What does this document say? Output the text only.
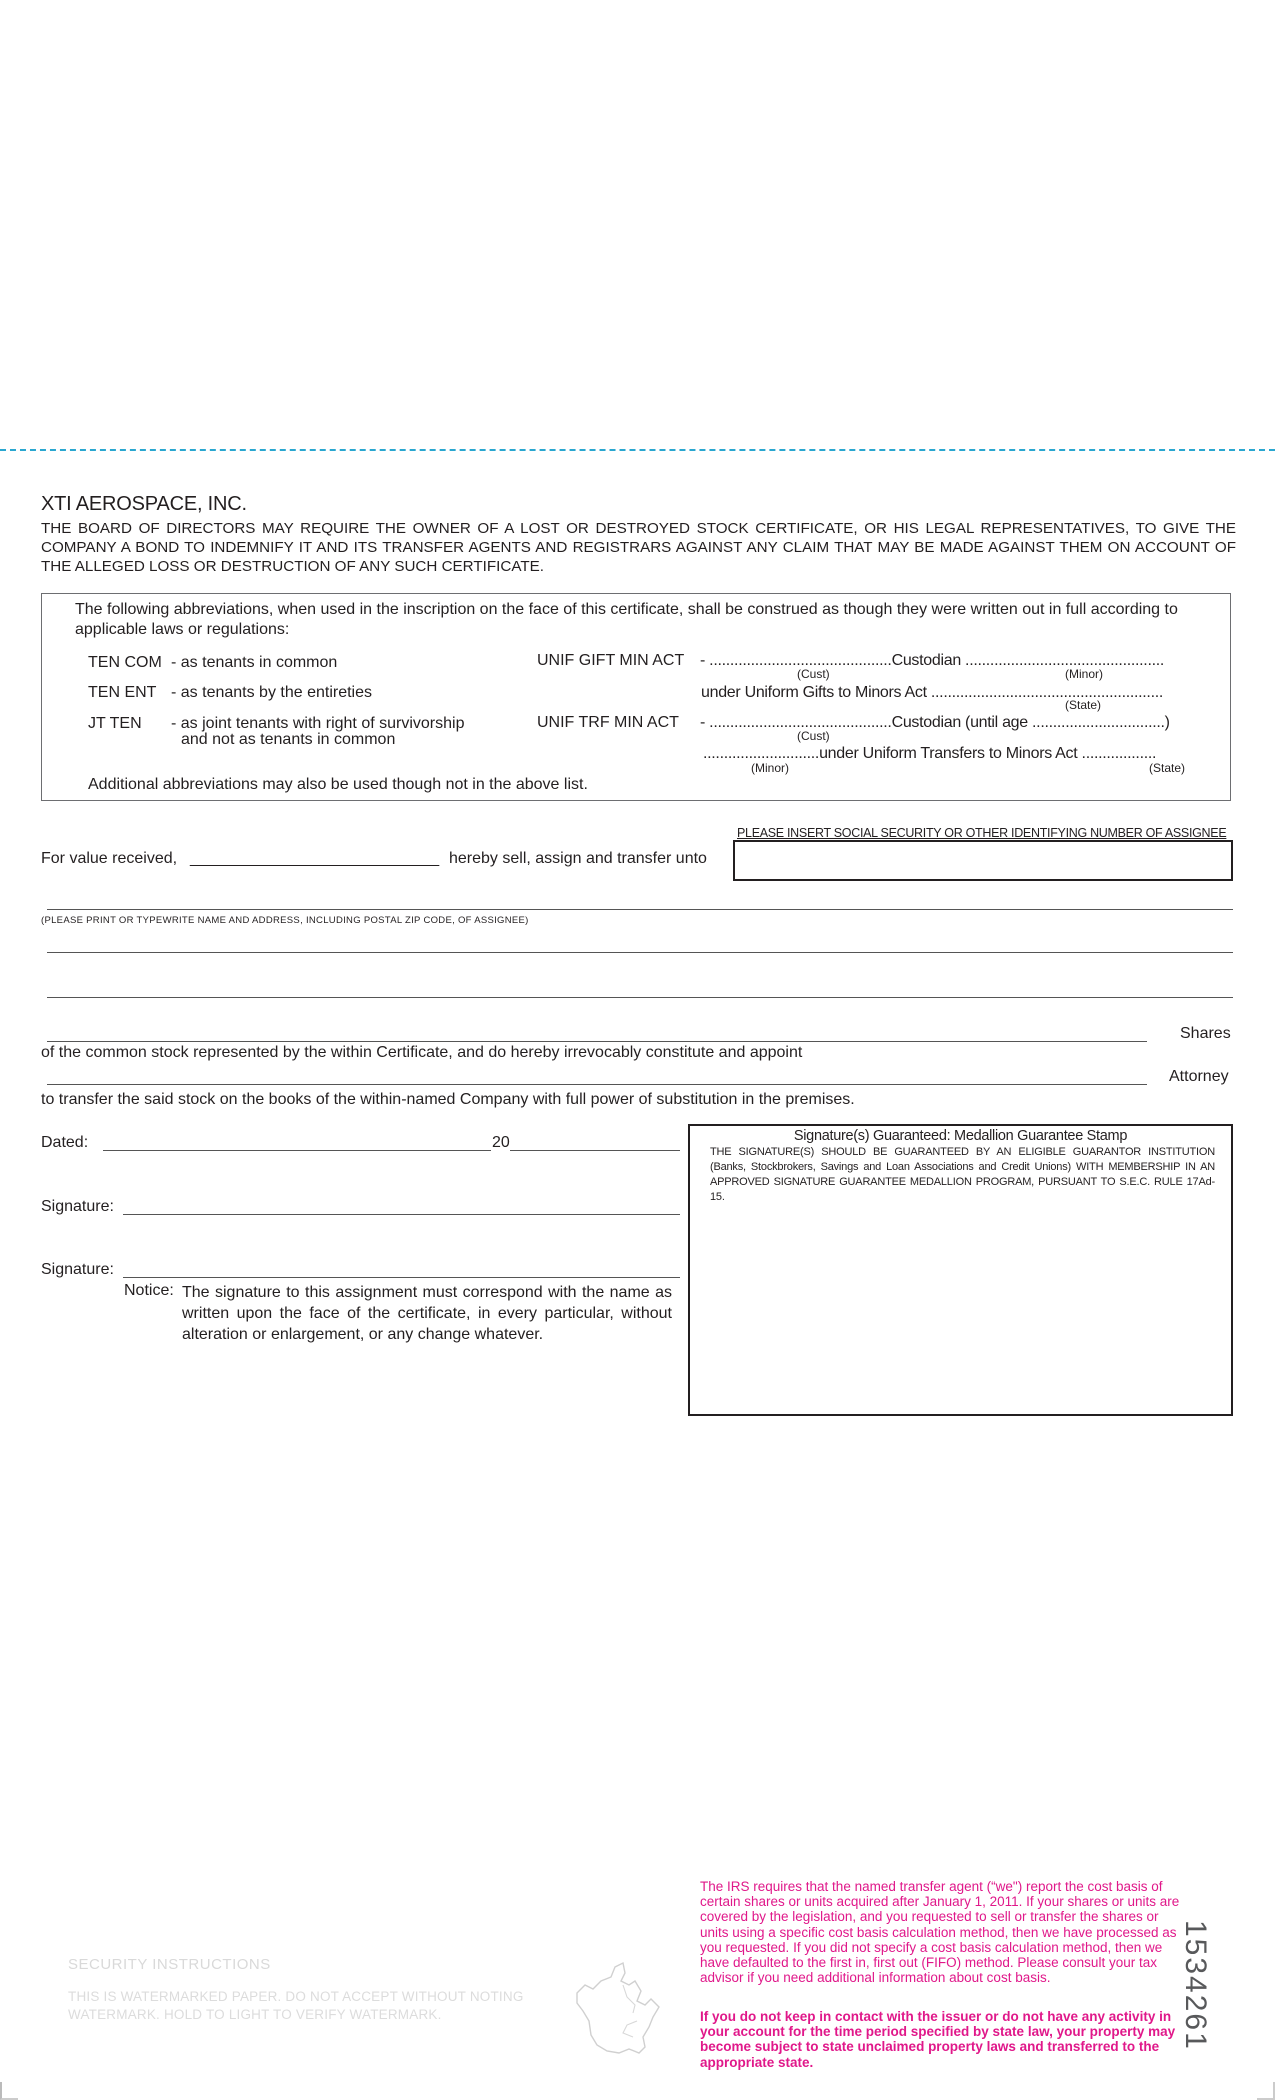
XTI AEROSPACE, INC.
THE BOARD OF DIRECTORS MAY REQUIRE THE OWNER OF A LOST OR DESTROYED STOCK CERTIFICATE, OR HIS LEGAL REPRESENTATIVES, TO GIVE THE COMPANY A BOND TO INDEMNIFY IT AND ITS TRANSFER AGENTS AND REGISTRARS AGAINST ANY CLAIM THAT MAY BE MADE AGAINST THEM ON ACCOUNT OF THE ALLEGED LOSS OR DESTRUCTION OF ANY SUCH CERTIFICATE.
The following abbreviations, when used in the inscription on the face of this certificate, shall be construed as though they were written out in full according to applicable laws or regulations:
TEN COM - as tenants in common
TEN ENT - as tenants by the entireties
JT TEN - as joint tenants with right of survivorship
and not as tenants in common
UNIF GIFT MIN ACT - ............................................Custodian ................................................
(Cust)	(Minor)
under Uniform Gifts to Minors Act ........................................................
(State)
UNIF TRF MIN ACT - ............................................Custodian (until age ................................)
(Cust)
............................under Uniform Transfers to Minors Act ..................
(Minor)	(State)
Additional abbreviations may also be used though not in the above list.
PLEASE INSERT SOCIAL SECURITY OR OTHER IDENTIFYING NUMBER OF ASSIGNEE
For value received, ____________________________ hereby sell, assign and transfer unto
(PLEASE PRINT OR TYPEWRITE NAME AND ADDRESS, INCLUDING POSTAL ZIP CODE, OF ASSIGNEE)
Shares
of the common stock represented by the within Certificate, and do hereby irrevocably constitute and appoint
Attorney
to transfer the said stock on the books of the within-named Company with full power of substitution in the premises.
Dated:	20
Signature:
Signature:
Notice: The signature to this assignment must correspond with the name as written upon the face of the certificate, in every particular, without alteration or enlargement, or any change whatever.
Signature(s) Guaranteed: Medallion Guarantee Stamp
THE SIGNATURE(S) SHOULD BE GUARANTEED BY AN ELIGIBLE GUARANTOR INSTITUTION (Banks, Stockbrokers, Savings and Loan Associations and Credit Unions) WITH MEMBERSHIP IN AN APPROVED SIGNATURE GUARANTEE MEDALLION PROGRAM, PURSUANT TO S.E.C. RULE 17Ad-15.
SECURITY INSTRUCTIONS
THIS IS WATERMARKED PAPER. DO NOT ACCEPT WITHOUT NOTING WATERMARK. HOLD TO LIGHT TO VERIFY WATERMARK.
The IRS requires that the named transfer agent (“we") report the cost basis of certain shares or units acquired after January 1, 2011. If your shares or units are covered by the legislation, and you requested to sell or transfer the shares or units using a specific cost basis calculation method, then we have processed as you requested. If you did not specify a cost basis calculation method, then we have defaulted to the first in, first out (FIFO) method. Please consult your tax advisor if you need additional information about cost basis.
If you do not keep in contact with the issuer or do not have any activity in your account for the time period specified by state law, your property may become subject to state unclaimed property laws and transferred to the appropriate state.
1534261
